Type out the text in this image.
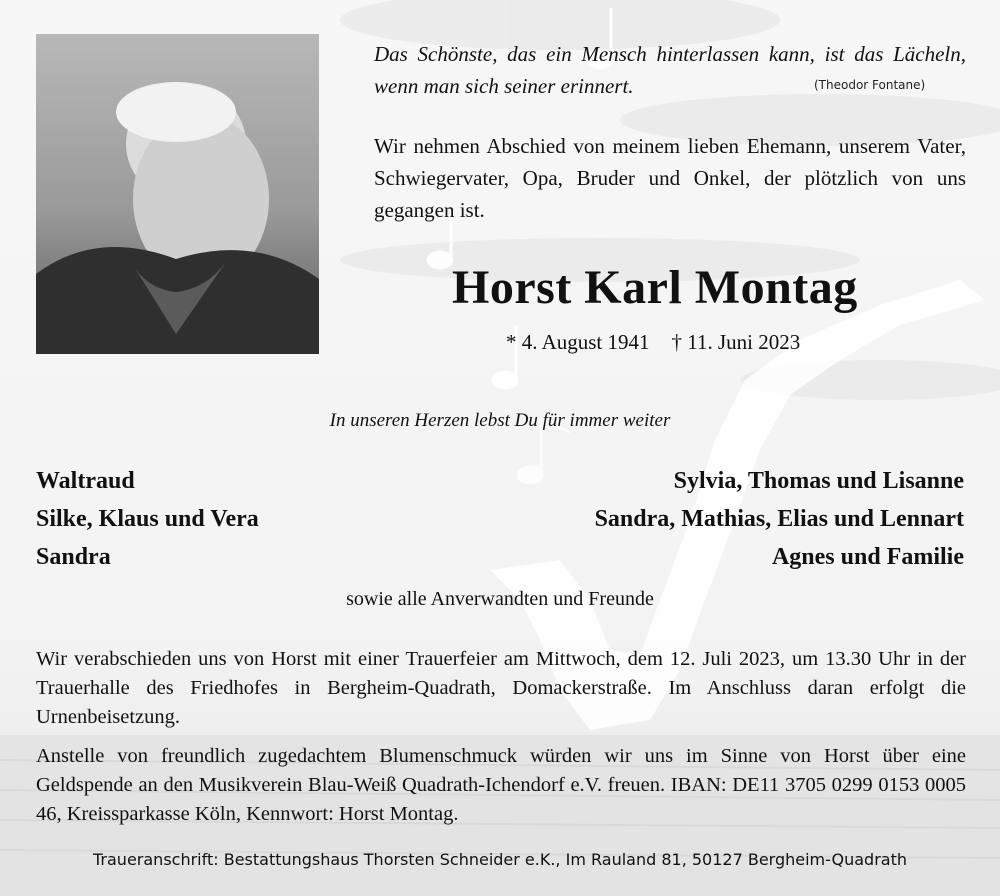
Das Schönste, das ein Mensch hinterlassen kann, ist das Lächeln, wenn man sich seiner erinnert.	(Theodor Fontane)
Wir nehmen Abschied von meinem lieben Ehemann, unserem Vater, Schwiegervater, Opa, Bruder und Onkel, der plötzlich von uns gegangen ist.
Horst Karl Montag
* 4. August 1941 † 11. Juni 2023
In unseren Herzen lebst Du für immer weiter
Waltraud
Silke, Klaus und Vera
Sandra
Sylvia, Thomas und Lisanne
Sandra, Mathias, Elias und Lennart
Agnes und Familie
sowie alle Anverwandten und Freunde
Wir verabschieden uns von Horst mit einer Trauerfeier am Mittwoch, dem 12. Juli 2023, um 13.30 Uhr in der Trauerhalle des Friedhofes in Bergheim-Quadrath, Domackerstraße. Im Anschluss daran erfolgt die Urnenbeisetzung.
Anstelle von freundlich zugedachtem Blumenschmuck würden wir uns im Sinne von Horst über eine Geldspende an den Musikverein Blau-Weiß Quadrath-Ichendorf e.V. freuen. IBAN: DE11 3705 0299 0153 0005 46, Kreissparkasse Köln, Kennwort: Horst Montag.
Traueranschrift: Bestattungshaus Thorsten Schneider e.K., Im Rauland 81, 50127 Bergheim-Quadrath
